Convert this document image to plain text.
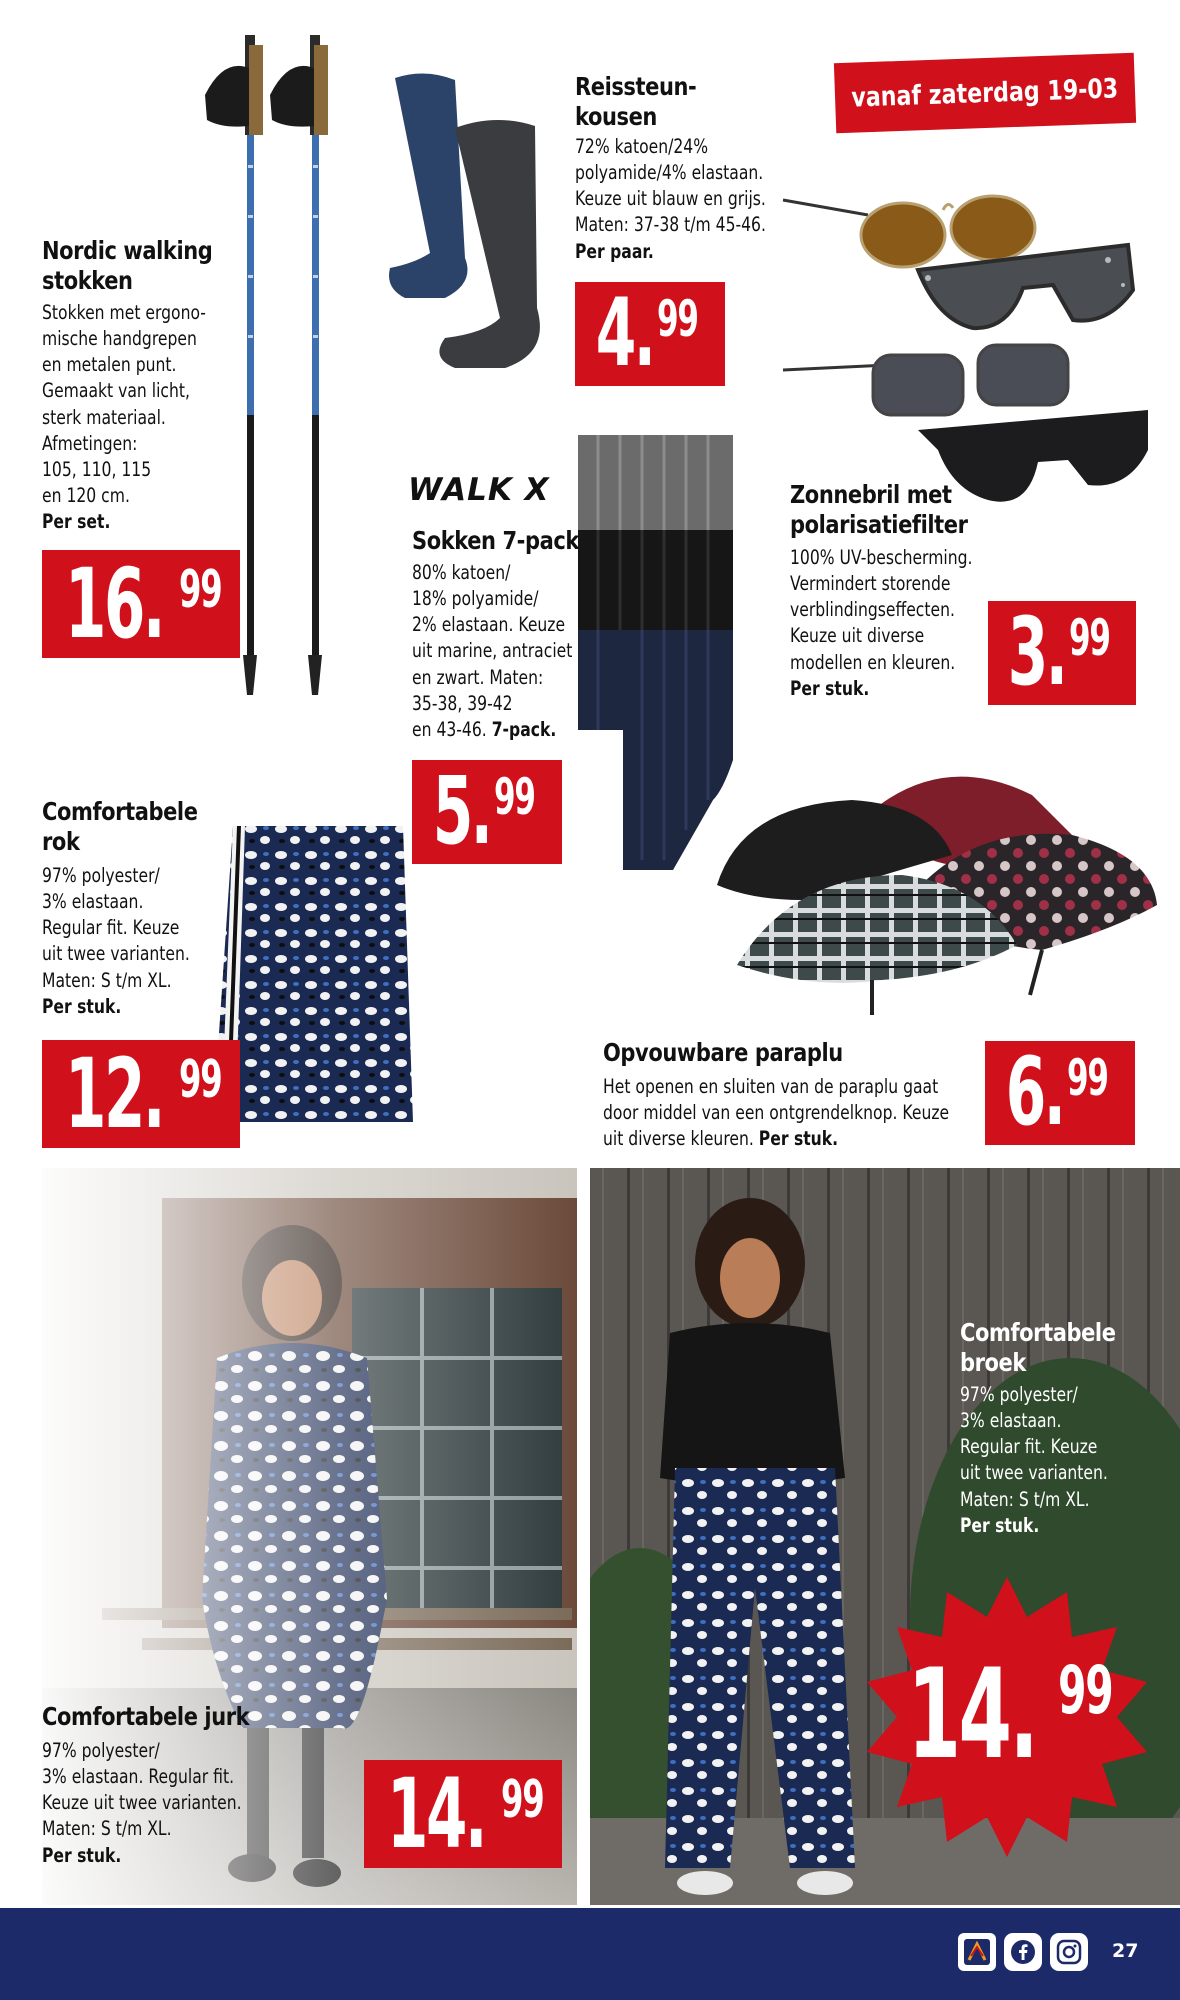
vanaf zaterdag 19-03
Nordic walking
stokken
Stokken met ergono-
mische handgrepen
en metalen punt.
Gemaakt van licht,
sterk materiaal.
Afmetingen:
105, 110, 115
en 120 cm.
Per set.
16. 99
Reissteun-
kousen
72% katoen/24%
polyamide/4% elastaan.
Keuze uit blauw en grijs.
Maten: 37-38 t/m 45-46.
Per paar.
4. 99
Zonnebril met
polarisatiefilter
100% UV-bescherming.
Vermindert storende
verblindingseffecten.
Keuze uit diverse
modellen en kleuren.
Per stuk.	3. 99
WALK X
Sokken 7-pack
80% katoen/
18% polyamide/
2% elastaan. Keuze
uit marine, antraciet
en zwart. Maten:
35-38, 39-42
en 43-46. 7-pack.
5. 99
Comfortabele
rok
97% polyester/
3% elastaan.
Regular fit. Keuze
uit twee varianten.
Maten: S t/m XL.
Per stuk.
12. 99	Opvouwbare paraplu
Het openen en sluiten van de paraplu gaat
door middel van een ontgrendelknop. Keuze
uit diverse kleuren. Per stuk.	6. 99
Comfortabele jurk
97% polyester/
3% elastaan. Regular fit.
Keuze uit twee varianten.
Maten: S t/m XL.
Per stuk.	14. 99
Comfortabele
broek
97% polyester/
3% elastaan.
Regular fit. Keuze
uit twee varianten.
Maten: S t/m XL.
Per stuk.
14. 99
27
